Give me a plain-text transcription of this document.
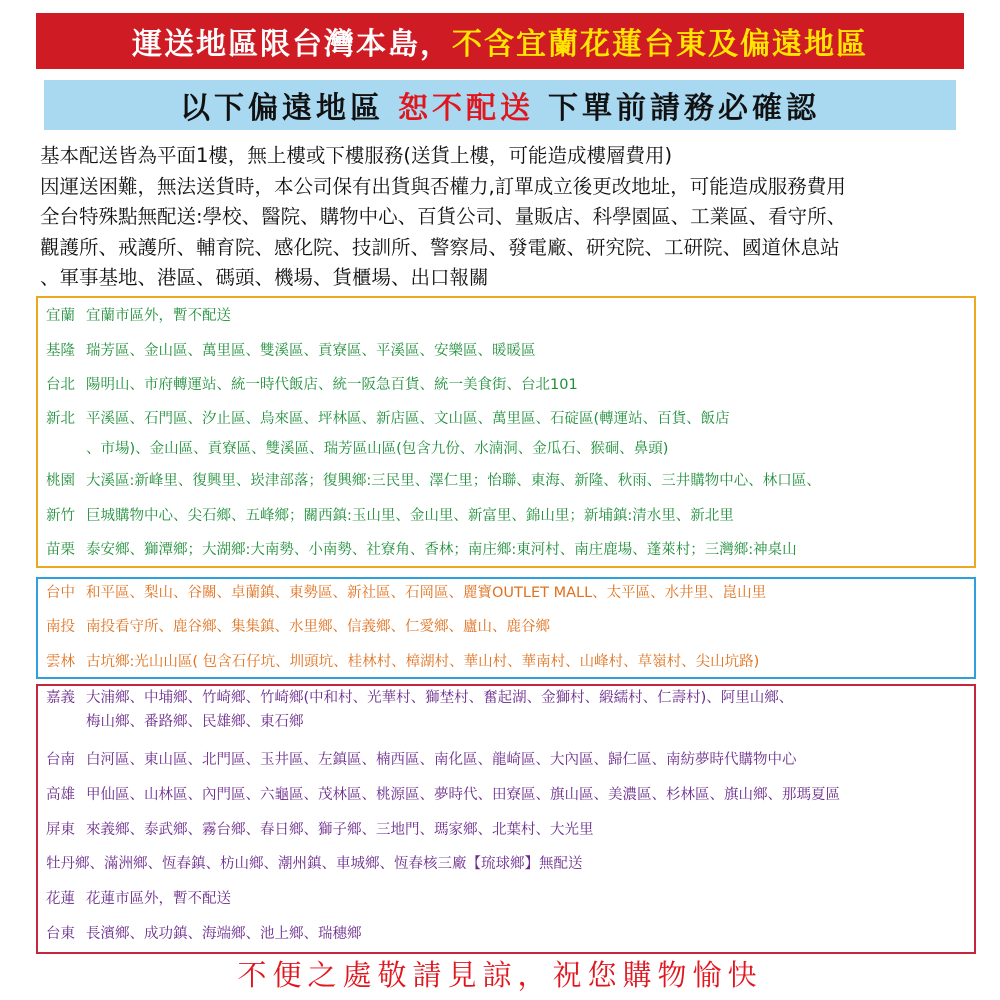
運送地區限台灣本島， 不含宜蘭花蓮台東及偏遠地區
以下偏遠地區 恕不配送 下單前請務必確認
基本配送皆為平面1樓，無上樓或下樓服務(送貨上樓，可能造成樓層費用)
因運送困難，無法送貨時，本公司保有出貨與否權力,訂單成立後更改地址，可能造成服務費用
全台特殊點無配送:學校、醫院、購物中心、百貨公司、量販店、科學園區、工業區、看守所、
觀護所、戒護所、輔育院、感化院、技訓所、警察局、發電廠、研究院、工研院、國道休息站
、軍事基地、港區、碼頭、機場、貨櫃場、出口報關
宜蘭 宜蘭市區外，暫不配送
基隆 瑞芳區、金山區、萬里區、雙溪區、貢寮區、平溪區、安樂區、暖暖區
台北 陽明山、市府轉運站、統一時代飯店、統一阪急百貨、統一美食街、台北101
新北 平溪區、石門區、汐止區、烏來區、坪林區、新店區、文山區、萬里區、石碇區(轉運站、百貨、飯店
、市場)、金山區、貢寮區、雙溪區、瑞芳區山區(包含九份、水湳洞、金瓜石、猴硐、鼻頭)
桃園 大溪區:新峰里、復興里、崁津部落；復興鄉:三民里、澤仁里；怡聯、東海、新隆、秋雨、三井購物中心、林口區、
新竹 巨城購物中心、尖石鄉、五峰鄉；關西鎮:玉山里、金山里、新富里、錦山里；新埔鎮:清水里、新北里
苗栗 泰安鄉、獅潭鄉；大湖鄉:大南勢、小南勢、社寮角、香林；南庄鄉:東河村、南庄鹿場、蓬萊村；三灣鄉:神桌山
台中 和平區、梨山、谷關、卓蘭鎮、東勢區、新社區、石岡區、麗寶OUTLET MALL、太平區、水井里、崑山里
南投 南投看守所、鹿谷鄉、集集鎮、水里鄉、信義鄉、仁愛鄉、廬山、鹿谷鄉
雲林 古坑鄉:光山山區( 包含石仔坑、圳頭坑、桂林村、樟湖村、華山村、華南村、山峰村、草嶺村、尖山坑路)
嘉義 大浦鄉、中埔鄉、竹崎鄉、竹崎鄉(中和村、光華村、獅埜村、奮起湖、金獅村、緞繻村、仁壽村)、阿里山鄉、
梅山鄉、番路鄉、民雄鄉、東石鄉
台南 白河區、東山區、北門區、玉井區、左鎮區、楠西區、南化區、龍崎區、大內區、歸仁區、南紡夢時代購物中心
高雄 甲仙區、山林區、內門區、六龜區、茂林區、桃源區、夢時代、田寮區、旗山區、美濃區、杉林區、旗山鄉、那瑪夏區
屏東 來義鄉、泰武鄉、霧台鄉、春日鄉、獅子鄉、三地門、瑪家鄉、北葉村、大光里
牡丹鄉、滿洲鄉、恆春鎮、枋山鄉、潮州鎮、車城鄉、恆春核三廠【琉球鄉】無配送
花蓮 花蓮市區外，暫不配送
台東 長濱鄉、成功鎮、海端鄉、池上鄉、瑞穗鄉
不便之處敬請見諒，祝您購物愉快
